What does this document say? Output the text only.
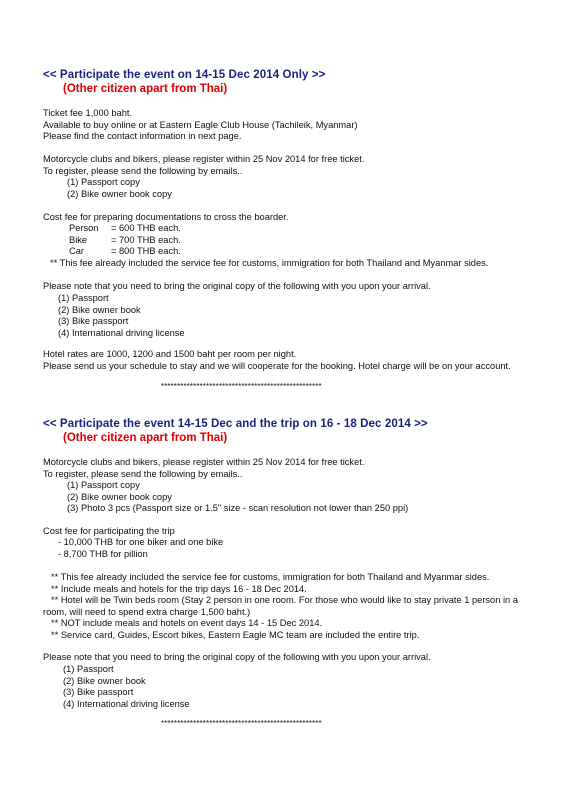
<< Participate the event on 14-15 Dec 2014 Only >>
(Other citizen apart from Thai)
Ticket fee 1,000 baht.
Available to buy online or at Eastern Eagle Club House (Tachileik, Myanmar)
Please find the contact information in next page.
Motorcycle clubs and bikers, please register within 25 Nov 2014 for free ticket.
To register, please send the following by emails..
(1) Passport copy
(2) Bike owner book copy
Cost fee for preparing documentations to cross the boarder.
Person
Bike
Car
= 600 THB each.
= 700 THB each.
= 800 THB each.
** This fee already included the service fee for customs, immigration for both Thailand and Myanmar sides.
Please note that you need to bring the original copy of the following with you upon your arrival.
(1) Passport
(2) Bike owner book
(3) Bike passport
(4) International driving license
Hotel rates are 1000, 1200 and 1500 baht per room per night.
Please send us your schedule to stay and we will cooperate for the booking. Hotel charge will be on your account.
**************************************************
<< Participate the event 14-15 Dec and the trip on 16 - 18 Dec 2014 >>
(Other citizen apart from Thai)
Motorcycle clubs and bikers, please register within 25 Nov 2014 for free ticket.
To register, please send the following by emails..
(1) Passport copy
(2) Bike owner book copy
(3) Photo 3 pcs (Passport size or 1.5" size - scan resolution not lower than 250 ppi)
Cost fee for participating the trip
- 10,000 THB for one biker and one bike
- 8,700 THB for pillion
** This fee already included the service fee for customs, immigration for both Thailand and Myanmar sides.
** Include meals and hotels for the trip days 16 - 18 Dec 2014.
** Hotel will be Twin beds room (Stay 2 person in one room. For those who would like to stay private 1 person in a
room, will need to spend extra charge 1,500 baht.)
** NOT include meals and hotels on event days 14 - 15 Dec 2014.
** Service card, Guides, Escort bikes, Eastern Eagle MC team are included the entire trip.
Please note that you need to bring the original copy of the following with you upon your arrival.
(1) Passport
(2) Bike owner book
(3) Bike passport
(4) International driving license
**************************************************
